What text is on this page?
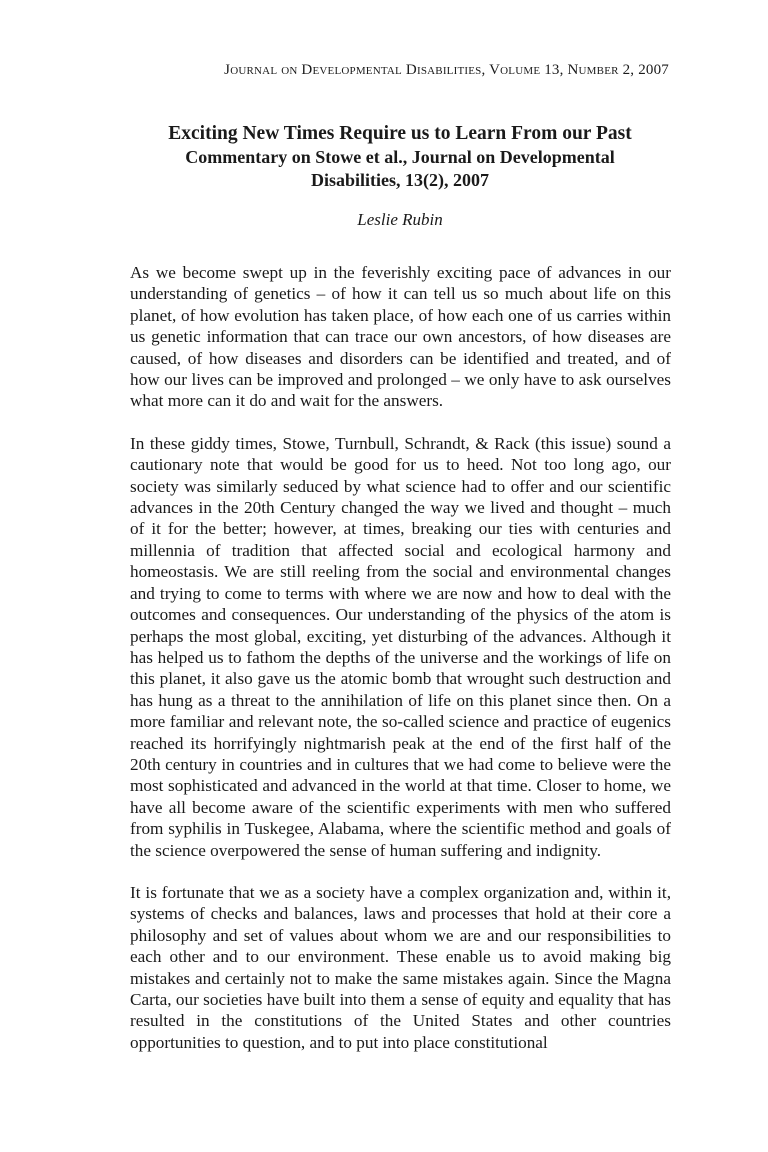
Journal on Developmental Disabilities, Volume 13, Number 2, 2007
Exciting New Times Require us to Learn From our Past
Commentary on Stowe et al., Journal on Developmental Disabilities, 13(2), 2007
Leslie Rubin

As we become swept up in the feverishly exciting pace of advances in our understanding of genetics – of how it can tell us so much about life on this planet, of how evolution has taken place, of how each one of us carries within us genetic information that can trace our own ancestors, of how diseases are caused, of how diseases and disorders can be identified and treated, and of how our lives can be improved and prolonged – we only have to ask ourselves what more can it do and wait for the answers.

In these giddy times, Stowe, Turnbull, Schrandt, & Rack (this issue) sound a cautionary note that would be good for us to heed. Not too long ago, our society was similarly seduced by what science had to offer and our scientific advances in the 20th Century changed the way we lived and thought – much of it for the better; however, at times, breaking our ties with centuries and millennia of tradition that affected social and ecological harmony and homeostasis. We are still reeling from the social and environmental changes and trying to come to terms with where we are now and how to deal with the outcomes and consequences. Our understanding of the physics of the atom is perhaps the most global, exciting, yet disturbing of the advances. Although it has helped us to fathom the depths of the universe and the workings of life on this planet, it also gave us the atomic bomb that wrought such destruction and has hung as a threat to the annihilation of life on this planet since then. On a more familiar and relevant note, the so-called science and practice of eugenics reached its horrifyingly nightmarish peak at the end of the first half of the 20th century in countries and in cultures that we had come to believe were the most sophisticated and advanced in the world at that time. Closer to home, we have all become aware of the scientific experiments with men who suffered from syphilis in Tuskegee, Alabama, where the scientific method and goals of the science overpowered the sense of human suffering and indignity.

It is fortunate that we as a society have a complex organization and, within it, systems of checks and balances, laws and processes that hold at their core a philosophy and set of values about whom we are and our responsibilities to each other and to our environment. These enable us to avoid making big mistakes and certainly not to make the same mistakes again. Since the Magna Carta, our societies have built into them a sense of equity and equality that has resulted in the constitutions of the United States and other countries opportunities to question, and to put into place constitutional
